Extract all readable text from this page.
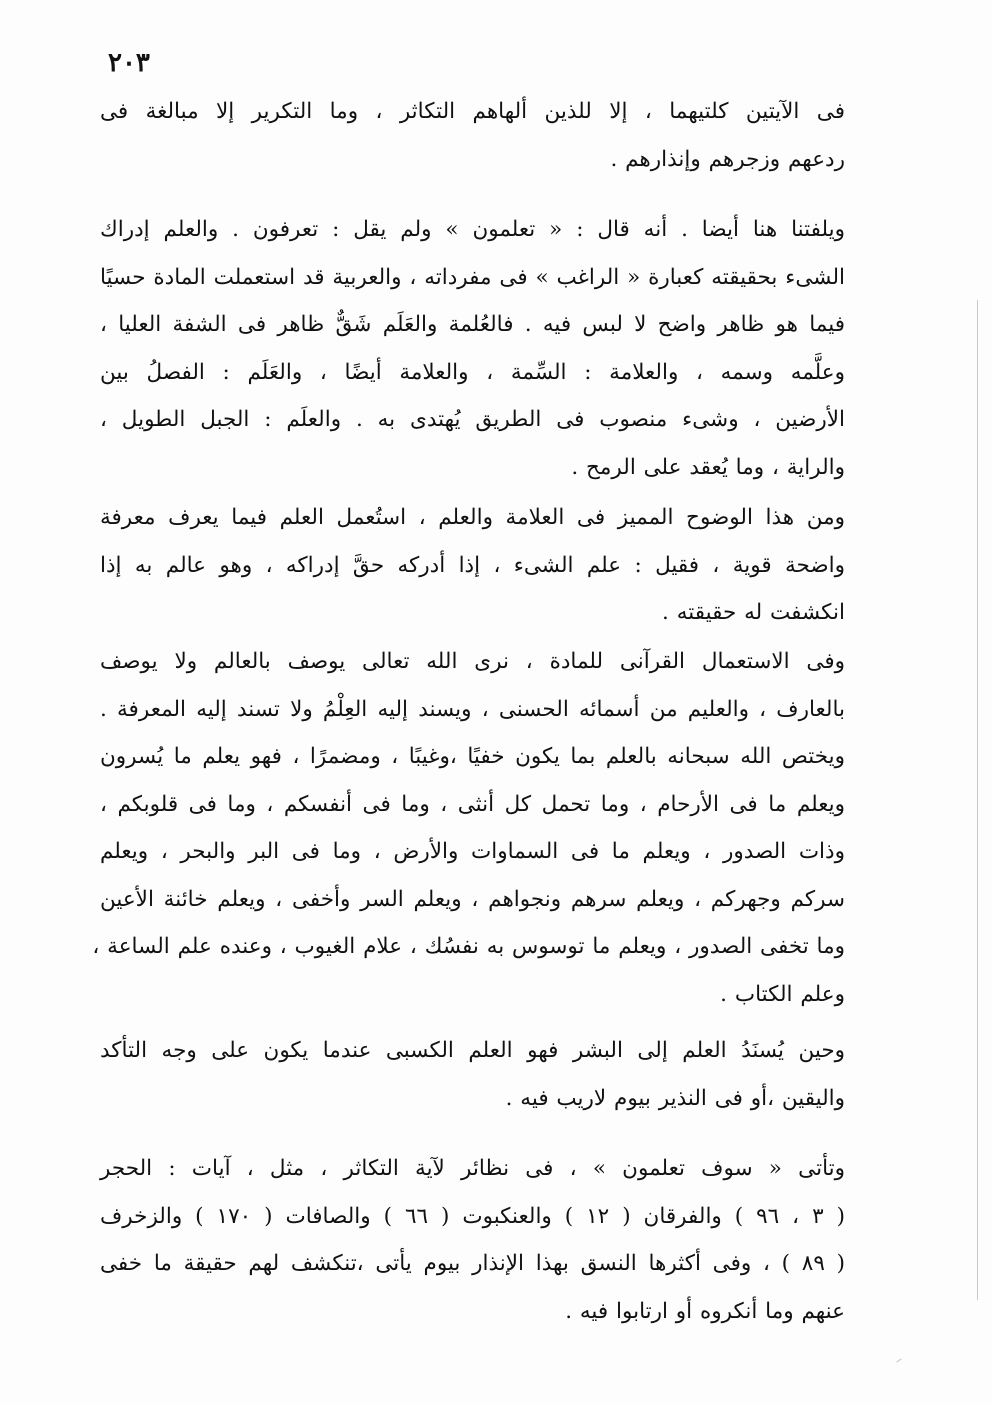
٢٠٣
فى الآيتين كلتيهما ، إلا للذين ألهاهم التكاثر ، وما التكرير إلا مبالغة فى
ردعهم وزجرهم وإنذارهم .
ويلفتنا هنا أيضا . أنه قال : « تعلمون » ولم يقل : تعرفون . والعلم إدراك
الشىء بحقيقته كعبارة « الراغب » فى مفرداته ، والعربية قد استعملت المادة حسيًا
فيما هو ظاهر واضح لا لبس فيه . فالعُلمة والعَلَم شَقٌّ ظاهر فى الشفة العليا ،
وعلَّمه وسمه ، والعلامة : السِّمة ، والعلامة أيضًا ، والعَلَم : الفصلُ بين
الأرضين ، وشىء منصوب فى الطريق يُهتدى به . والعلَم : الجبل الطويل ،
والراية ، وما يُعقد على الرمح .
ومن هذا الوضوح المميز فى العلامة والعلم ، استُعمل العلم فيما يعرف معرفة
واضحة قوية ، فقيل : علم الشىء ، إذا أدركه حقَّ إدراكه ، وهو عالم به إذا
انكشفت له حقيقته .
وفى الاستعمال القرآنى للمادة ، نرى الله تعالى يوصف بالعالم ولا يوصف
بالعارف ، والعليم من أسمائه الحسنى ، ويسند إليه العِلْمُ ولا تسند إليه المعرفة .
ويختص الله سبحانه بالعلم بما يكون خفيًا ،وغيبًا ، ومضمرًا ، فهو يعلم ما يُسرون
ويعلم ما فى الأرحام ، وما تحمل كل أنثى ، وما فى أنفسكم ، وما فى قلوبكم ،
وذات الصدور ، ويعلم ما فى السماوات والأرض ، وما فى البر والبحر ، ويعلم
سركم وجهركم ، ويعلم سرهم ونجواهم ، ويعلم السر وأخفى ، ويعلم خائنة الأعين
وما تخفى الصدور ، ويعلم ما توسوس به نفسُك ، علام الغيوب ، وعنده علم الساعة ،
وعلم الكتاب .
وحين يُسنَدُ العلم إلى البشر فهو العلم الكسبى عندما يكون على وجه التأكد
واليقين ،أو فى النذير بيوم لاريب فيه .
وتأتى « سوف تعلمون » ، فى نظائر لآية التكاثر ، مثل ، آيات : الحجر
( ٣ ، ٩٦ ) والفرقان ( ١٢ ) والعنكبوت ( ٦٦ ) والصافات ( ١٧٠ ) والزخرف
( ٨٩ ) ، وفى أكثرها النسق بهذا الإنذار بيوم يأتى ،تنكشف لهم حقيقة ما خفى
عنهم وما أنكروه أو ارتابوا فيه .
